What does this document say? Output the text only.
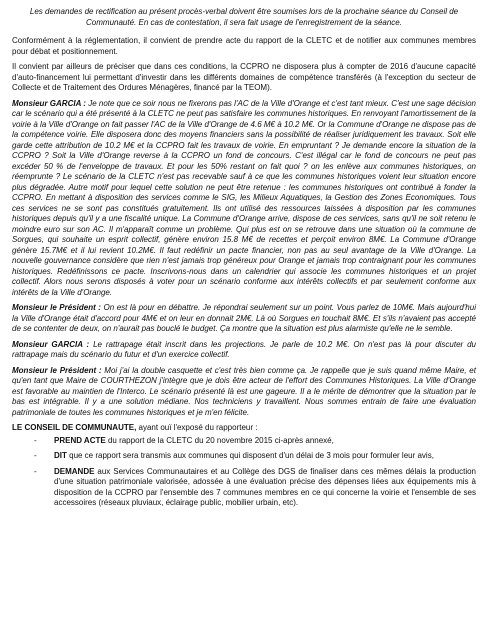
Les demandes de rectification au présent procès-verbal doivent être soumises lors de la prochaine séance du Conseil de Communauté. En cas de contestation, il sera fait usage de l'enregistrement de la séance.

Conformément à la réglementation, il convient de prendre acte du rapport de la CLETC et de notifier aux communes membres pour débat et positionnement.

Il convient par ailleurs de préciser que dans ces conditions, la CCPRO ne disposera plus à compter de 2016 d'aucune capacité d'auto-financement lui permettant d'investir dans les différents domaines de compétence transférés (à l'exception du secteur de Collecte et de Traitement des Ordures Ménagères, financé par la TEOM).

Monsieur GARCIA : Je note que ce soir nous ne fixerons pas l'AC de la Ville d'Orange et c'est tant mieux. C'est une sage décision car le scénario qui a été présenté à la CLETC ne peut pas satisfaire les communes historiques. En renvoyant l'amortissement de la voirie à la Ville d'Orange on fait passer l'AC de la Ville d'Orange de 4.6 M€ à 10.2 M€. Or la Commune d'Orange ne dispose pas de la compétence voirie. Elle disposera donc des moyens financiers sans la possibilité de réaliser juridiquement les travaux. Soit elle garde cette attribution de 10.2 M€ et la CCPRO fait les travaux de voirie. En empruntant ? Je demande encore la situation de la CCPRO ? Soit la Ville d'Orange reverse à la CCPRO un fond de concours. C'est illégal car le fond de concours ne peut pas excéder 50 % de l'enveloppe de travaux. Et pour les 50% restant on fait quoi ? on les enlève aux communes historiques, on réemprunte ? Le scénario de la CLETC n'est pas recevable sauf à ce que les communes historiques voient leur situation encore plus dégradée. Autre motif pour lequel cette solution ne peut être retenue : les communes historiques ont contribué à fonder la CCPRO. En mettant à disposition des services comme le SIG, les Milieux Aquatiques, la Gestion des Zones Economiques. Tous ces services ne se sont pas constitués gratuitement. Ils ont utilisé des ressources laissées à disposition par les communes historiques depuis qu'il y a une fiscalité unique. La Commune d'Orange arrive, dispose de ces services, sans qu'il ne soit retenu le moindre euro sur son AC. Il m'apparaît comme un problème. Qui plus est on se retrouve dans une situation où la commune de Sorgues, qui souhaite un esprit collectif, génère environ 15.8 M€ de recettes et perçoit environ 8M€. La Commune d'Orange génère 15.7M€ et il lui revient 10.2M€. Il faut redéfinir un pacte financier, non pas au seul avantage de la Ville d'Orange. La nouvelle gouvernance considère que rien n'est jamais trop généreux pour Orange et jamais trop contraignant pour les communes historiques. Redéfinissons ce pacte. Inscrivons-nous dans un calendrier qui associe les communes historiques et un projet collectif. Alors nous serons disposés à voter pour un scénario conforme aux intérêts collectifs et par seulement conforme aux intérêts de la Ville d'Orange.

Monsieur le Président : On est là pour en débattre. Je répondrai seulement sur un point. Vous parlez de 10M€. Mais aujourd'hui la Ville d'Orange était d'accord pour 4M€ et on leur en donnait 2M€. Là où Sorgues en touchait 8M€. Et s'ils n'avaient pas accepté de se contenter de deux, on n'aurait pas bouclé le budget. Ça montre que la situation est plus alarmiste qu'elle ne le semble.

Monsieur GARCIA : Le rattrapage était inscrit dans les projections. Je parle de 10.2 M€. On n'est pas là pour discuter du rattrapage mais du scénario du futur et d'un exercice collectif.

Monsieur le Président : Moi j'ai la double casquette et c'est très bien comme ça. Je rappelle que je suis quand même Maire, et qu'en tant que Maire de COURTHEZON j'intègre que je dois être acteur de l'effort des Communes Historiques. La Ville d'Orange est favorable au maintien de l'Interco. Le scénario présenté là est une gageure. Il a le mérite de démontrer que la situation par le bas est intégrable. Il y a une solution médiane. Nos techniciens y travaillent. Nous sommes entrain de faire une évaluation patrimoniale de toutes les communes historiques et je m'en félicite.

LE CONSEIL DE COMMUNAUTE, ayant ouï l'exposé du rapporteur :

- PREND ACTE du rapport de la CLETC du 20 novembre 2015 ci-après annexé,
- DIT que ce rapport sera transmis aux communes qui disposent d'un délai de 3 mois pour formuler leur avis,
- DEMANDE aux Services Communautaires et au Collège des DGS de finaliser dans ces mêmes délais la production d'une situation patrimoniale valorisée, adossée à une évaluation précise des dépenses liées aux équipements mis à disposition de la CCPRO par l'ensemble des 7 communes membres en ce qui concerne la voirie et l'ensemble de ses accessoires (réseaux pluviaux, éclairage public, mobilier urbain, etc).
